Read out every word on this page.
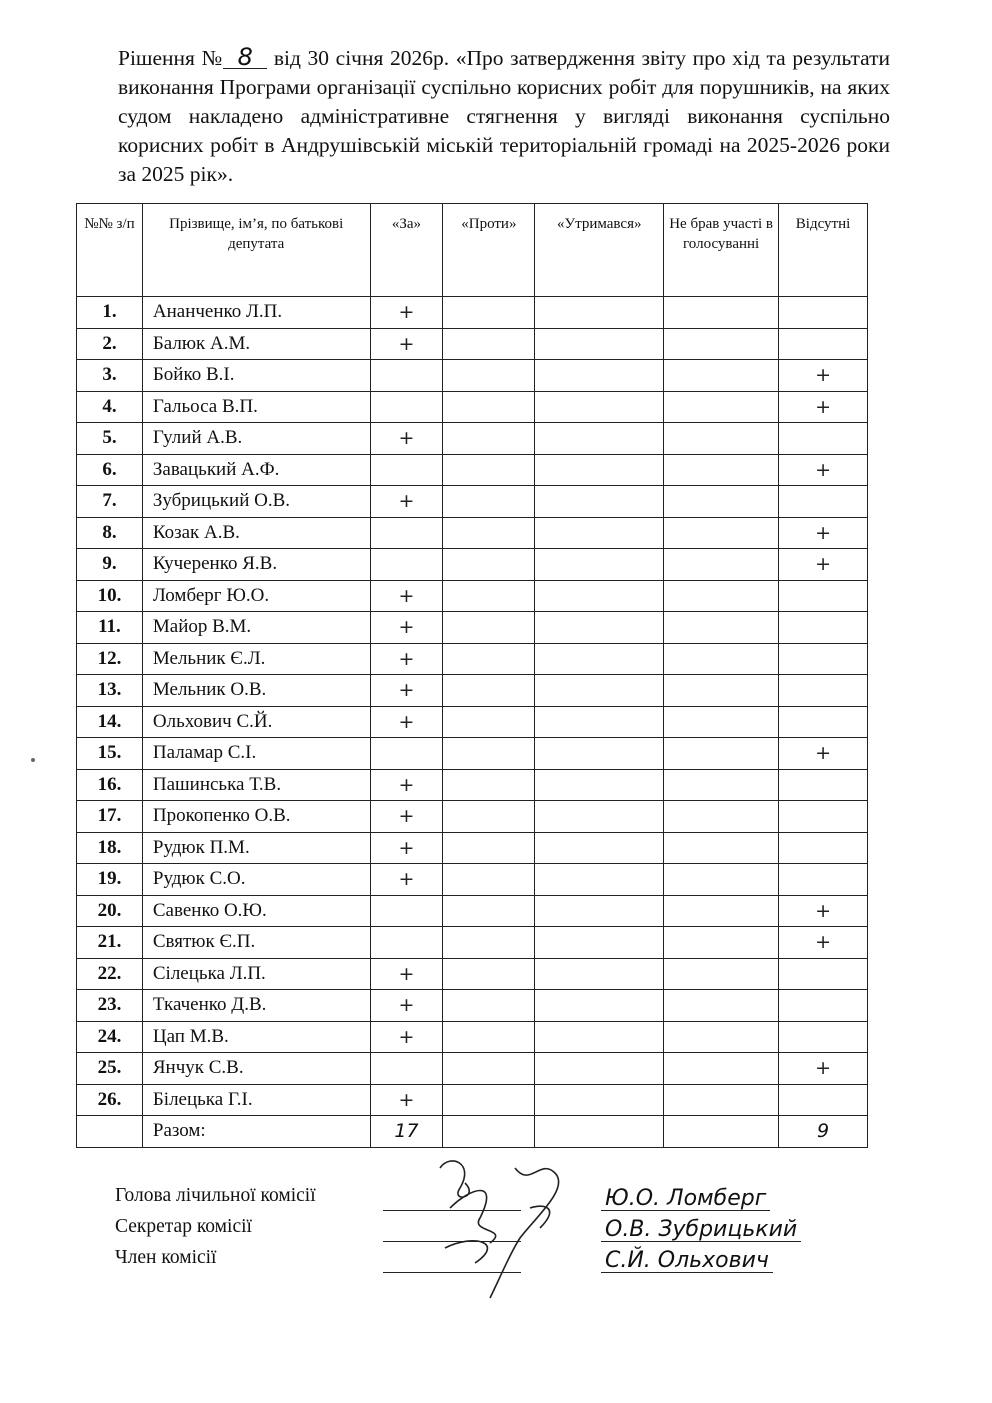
Рішення № 8 від 30 січня 2026р. «Про затвердження звіту про хід та результати виконання Програми організації суспільно корисних робіт для порушників, на яких судом накладено адміністративне стягнення у вигляді виконання суспільно корисних робіт в Андрушівській міській територіальній громаді на 2025-2026 роки за 2025 рік».
№№ з/п	Прізвище, ім’я, по батькові депутата	«За»	«Проти»	«Утримався»	Не брав участі в голосуванні	Відсутні
1.	Ананченко Л.П.	+				
2.	Балюк А.М.	+				
3.	Бойко В.І.					+
4.	Гальоса В.П.					+
5.	Гулий А.В.	+				
6.	Завацький А.Ф.					+
7.	Зубрицький О.В.	+				
8.	Козак А.В.					+
9.	Кучеренко Я.В.					+
10.	Ломберг Ю.О.	+				
11.	Майор В.М.	+				
12.	Мельник Є.Л.	+				
13.	Мельник О.В.	+				
14.	Ольхович С.Й.	+				
15.	Паламар С.І.					+
16.	Пашинська Т.В.	+				
17.	Прокопенко О.В.	+				
18.	Рудюк П.М.	+				
19.	Рудюк С.О.	+				
20.	Савенко О.Ю.					+
21.	Святюк Є.П.					+
22.	Сілецька Л.П.	+				
23.	Ткаченко Д.В.	+				
24.	Цап М.В.	+				
25.	Янчук С.В.					+
26.	Білецька Г.І.	+				
	Разом:	17				9
Голова лічильної комісії	Ю.О. Ломберг
Секретар комісії	О.В. Зубрицький
Член комісії	С.Й. Ольхович
